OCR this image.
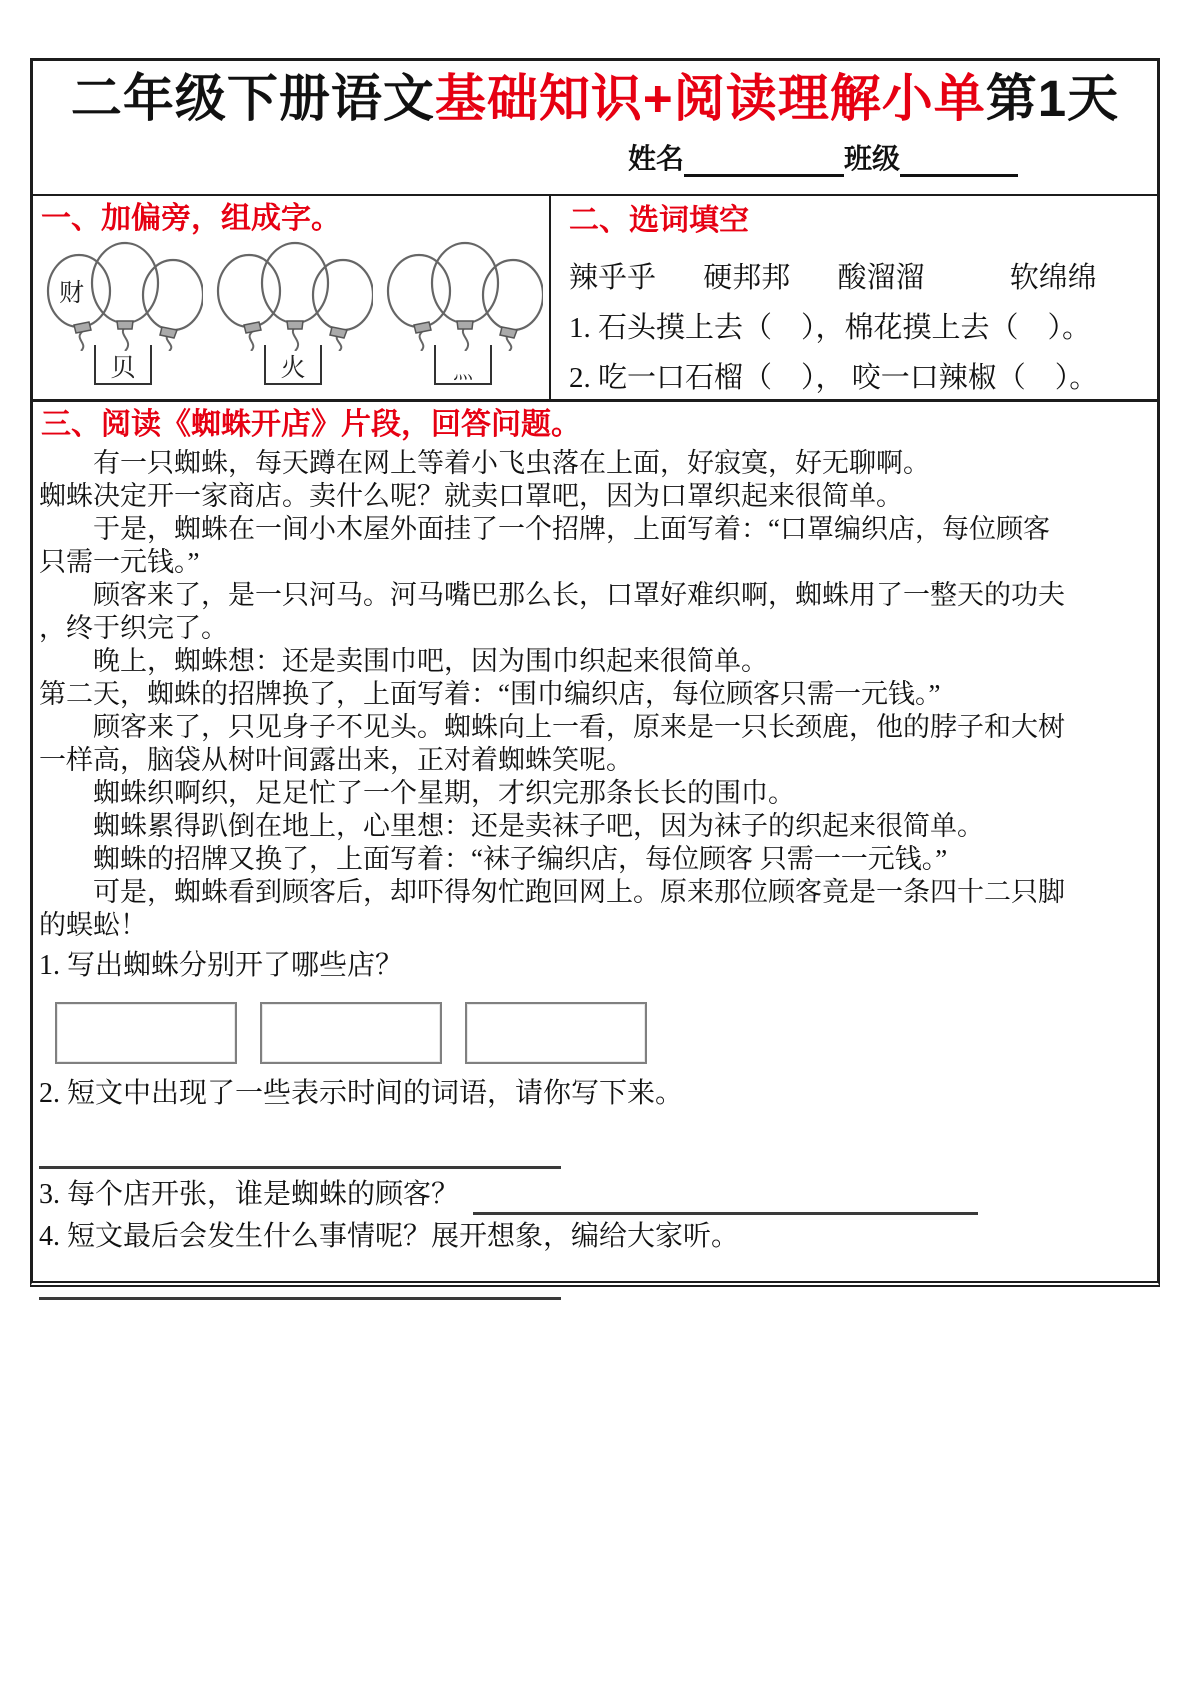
二年级下册语文基础知识+阅读理解小单第1天
姓名	班级

一、加偏旁，组成字。

财
贝	火	灬

二、选词填空

辣乎乎 硬邦邦 酸溜溜	软绵绵
1. 石头摸上去（　），棉花摸上去（　）。
2. 吃一口石榴（　）， 咬一口辣椒（　）。

三、阅读《蜘蛛开店》片段，回答问题。

　　有一只蜘蛛，每天蹲在网上等着小飞虫落在上面，好寂寞，好无聊啊。

蜘蛛决定开一家商店。卖什么呢？就卖口罩吧，因为口罩织起来很简单。

　　于是，蜘蛛在一间小木屋外面挂了一个招牌，上面写着：“口罩编织店，每位顾客

只需一元钱。”

　　顾客来了，是一只河马。河马嘴巴那么长，口罩好难织啊，蜘蛛用了一整天的功夫

，终于织完了。

　　晚上，蜘蛛想：还是卖围巾吧，因为围巾织起来很简单。

第二天，蜘蛛的招牌换了，上面写着：“围巾编织店，每位顾客只需一元钱。”

　　顾客来了，只见身子不见头。蜘蛛向上一看，原来是一只长颈鹿，他的脖子和大树

一样高，脑袋从树叶间露出来，正对着蜘蛛笑呢。

　　蜘蛛织啊织，足足忙了一个星期，才织完那条长长的围巾。

　　蜘蛛累得趴倒在地上，心里想：还是卖袜子吧，因为袜子的织起来很简单。

　　蜘蛛的招牌又换了，上面写着：“袜子编织店，每位顾客 只需一一元钱。”

　　可是，蜘蛛看到顾客后，却吓得匆忙跑回网上。原来那位顾客竟是一条四十二只脚

的蜈蚣！

1. 写出蜘蛛分别开了哪些店？

2. 短文中出现了一些表示时间的词语，请你写下来。

3. 每个店开张，谁是蜘蛛的顾客？

4. 短文最后会发生什么事情呢？展开想象，编给大家听。
